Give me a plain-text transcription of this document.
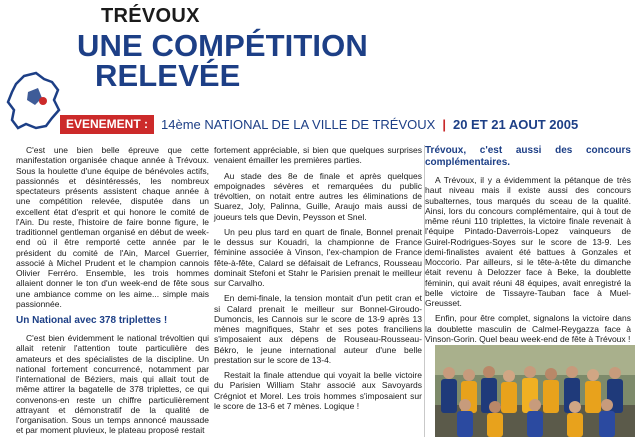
TRÉVOUX
UNE COMPÉTITION
RELEVÉE
EVENEMENT :	14ème NATIONAL DE LA VILLE DE TRÉVOUX | 20 ET 21 AOUT 2005

C'est une bien belle épreuve que cette manifestation organisée chaque année à Trévoux. Sous la houlette d'une équipe de bénévoles actifs, passionnés et désintéressés, les nombreux spectateurs présents assistent chaque année à une compétition relevée, disputée dans un excellent état d'esprit et qui honore le comité de l'Ain. Du reste, l'histoire de faire bonne figure, le traditionnel gentleman organisé en début de week-end où il être remporté cette année par le président du comité de l'Ain, Marcel Guerrier, associé à Michel Prudent et le champion cannois Olivier Ferréro. Ensemble, les trois hommes allaient donner le ton d'un week-end de fête sous une ambiance comme on les aime... simple mais passionnée.

Un National avec 378 triplettes !

C'est bien évidemment le national trévoltien qui allait retenir l'attention toute particulière des amateurs et des spécialistes de la discipline. Un national fortement concurrencé, notamment par l'international de Béziers, mais qui allait tout de même attirer la bagatelle de 378 triplettes, ce qui convenons-en reste un chiffre particulièrement attrayant et démonstratif de la qualité de l'organisation. Sous un temps annoncé maussade et par moment pluvieux, le plateau proposé restait

fortement appréciable, si bien que quelques surprises venaient émailler les premières parties.

Au stade des 8e de finale et après quelques empoignades sévères et remarquées du public trévoltien, on notait entre autres les éliminations de Suarez, Joly, Palinna, Guille, Araujo mais aussi de joueurs tels que Devin, Peysson et Snel.

Un peu plus tard en quart de finale, Bonnel prenait le dessus sur Kouadri, la championne de France féminine associée à Vinson, l'ex-champion de France fête-à-fête, Calard se défaisait de Lefrancs, Rousseau dominait Stefoni et Stahr le Parisien prenait le meilleur sur Carvalho.

En demi-finale, la tension montait d'un petit cran et si Calard prenait le meilleur sur Bonnel-Giroudo-Dumoncis, les Cannois sur le score de 13-9 après 13 mènes magnifiques, Stahr et ses potes franciliens s'imposaient aux dépens de Rouseau-Rousseau-Békro, le jeune international auteur d'une belle prestation sur le score de 13-4.

Restait la finale attendue qui voyait la belle victoire du Parisien William Stahr associé aux Savoyards Crégniot et Morel. Les trois hommes s'imposaient sur le score de 13-6 et 7 mènes. Logique !

Trévoux, c'est aussi des concours complémentaires.

A Trévoux, il y a évidemment la pétanque de très haut niveau mais il existe aussi des concours subalternes, tous marqués du sceau de la qualité. Ainsi, lors du concours complémentaire, qui à tout de même réuni 110 triplettes, la victoire finale revenait à l'équipe Pintado-Daverrois-Lopez vainqueurs de Guirel-Rodrigues-Soyes sur le score de 13-9. Les demi-finalistes avaient été battues à Gonzales et Moccorio. Par ailleurs, si le tête-à-tête du dimanche était revenu à Delozzer face à Beke, la doublette féminin, qui avait réuni 48 équipes, avait enregistré la belle victoire de Tissayre-Tauban face à Muel-Greusset.

Enfin, pour être complet, signalons la victoire dans la doublette masculin de Calmel-Reygazza face à Vinson-Gorin. Quel beau week-end de fête à Trévoux !
